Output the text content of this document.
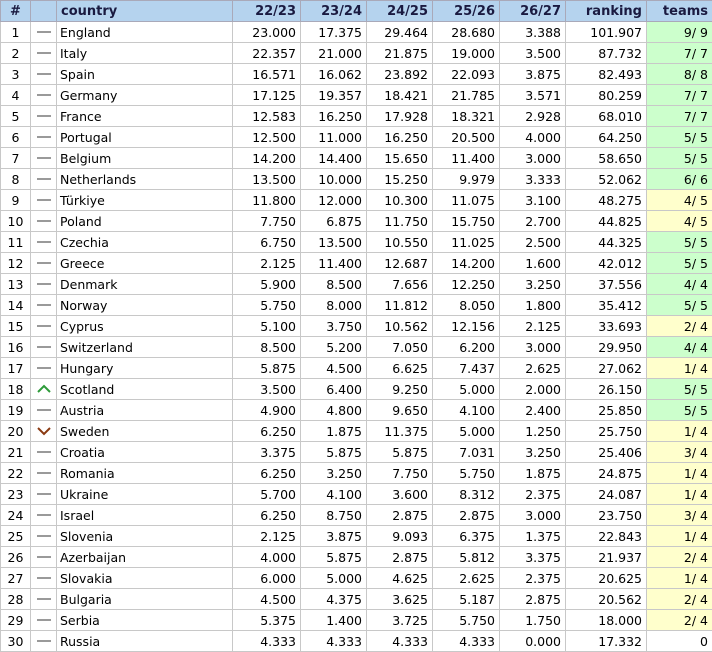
#		country	22/23	23/24	24/25	25/26	26/27	ranking	teams
1		England	23.000	17.375	29.464	28.680	3.388	101.907	9/ 9
2		Italy	22.357	21.000	21.875	19.000	3.500	87.732	7/ 7
3		Spain	16.571	16.062	23.892	22.093	3.875	82.493	8/ 8
4		Germany	17.125	19.357	18.421	21.785	3.571	80.259	7/ 7
5		France	12.583	16.250	17.928	18.321	2.928	68.010	7/ 7
6		Portugal	12.500	11.000	16.250	20.500	4.000	64.250	5/ 5
7		Belgium	14.200	14.400	15.650	11.400	3.000	58.650	5/ 5
8		Netherlands	13.500	10.000	15.250	9.979	3.333	52.062	6/ 6
9		Türkiye	11.800	12.000	10.300	11.075	3.100	48.275	4/ 5
10		Poland	7.750	6.875	11.750	15.750	2.700	44.825	4/ 5
11		Czechia	6.750	13.500	10.550	11.025	2.500	44.325	5/ 5
12		Greece	2.125	11.400	12.687	14.200	1.600	42.012	5/ 5
13		Denmark	5.900	8.500	7.656	12.250	3.250	37.556	4/ 4
14		Norway	5.750	8.000	11.812	8.050	1.800	35.412	5/ 5
15		Cyprus	5.100	3.750	10.562	12.156	2.125	33.693	2/ 4
16		Switzerland	8.500	5.200	7.050	6.200	3.000	29.950	4/ 4
17		Hungary	5.875	4.500	6.625	7.437	2.625	27.062	1/ 4
18		Scotland	3.500	6.400	9.250	5.000	2.000	26.150	5/ 5
19		Austria	4.900	4.800	9.650	4.100	2.400	25.850	5/ 5
20		Sweden	6.250	1.875	11.375	5.000	1.250	25.750	1/ 4
21		Croatia	3.375	5.875	5.875	7.031	3.250	25.406	3/ 4
22		Romania	6.250	3.250	7.750	5.750	1.875	24.875	1/ 4
23		Ukraine	5.700	4.100	3.600	8.312	2.375	24.087	1/ 4
24		Israel	6.250	8.750	2.875	2.875	3.000	23.750	3/ 4
25		Slovenia	2.125	3.875	9.093	6.375	1.375	22.843	1/ 4
26		Azerbaijan	4.000	5.875	2.875	5.812	3.375	21.937	2/ 4
27		Slovakia	6.000	5.000	4.625	2.625	2.375	20.625	1/ 4
28		Bulgaria	4.500	4.375	3.625	5.187	2.875	20.562	2/ 4
29		Serbia	5.375	1.400	3.725	5.750	1.750	18.000	2/ 4
30		Russia	4.333	4.333	4.333	4.333	0.000	17.332	0
